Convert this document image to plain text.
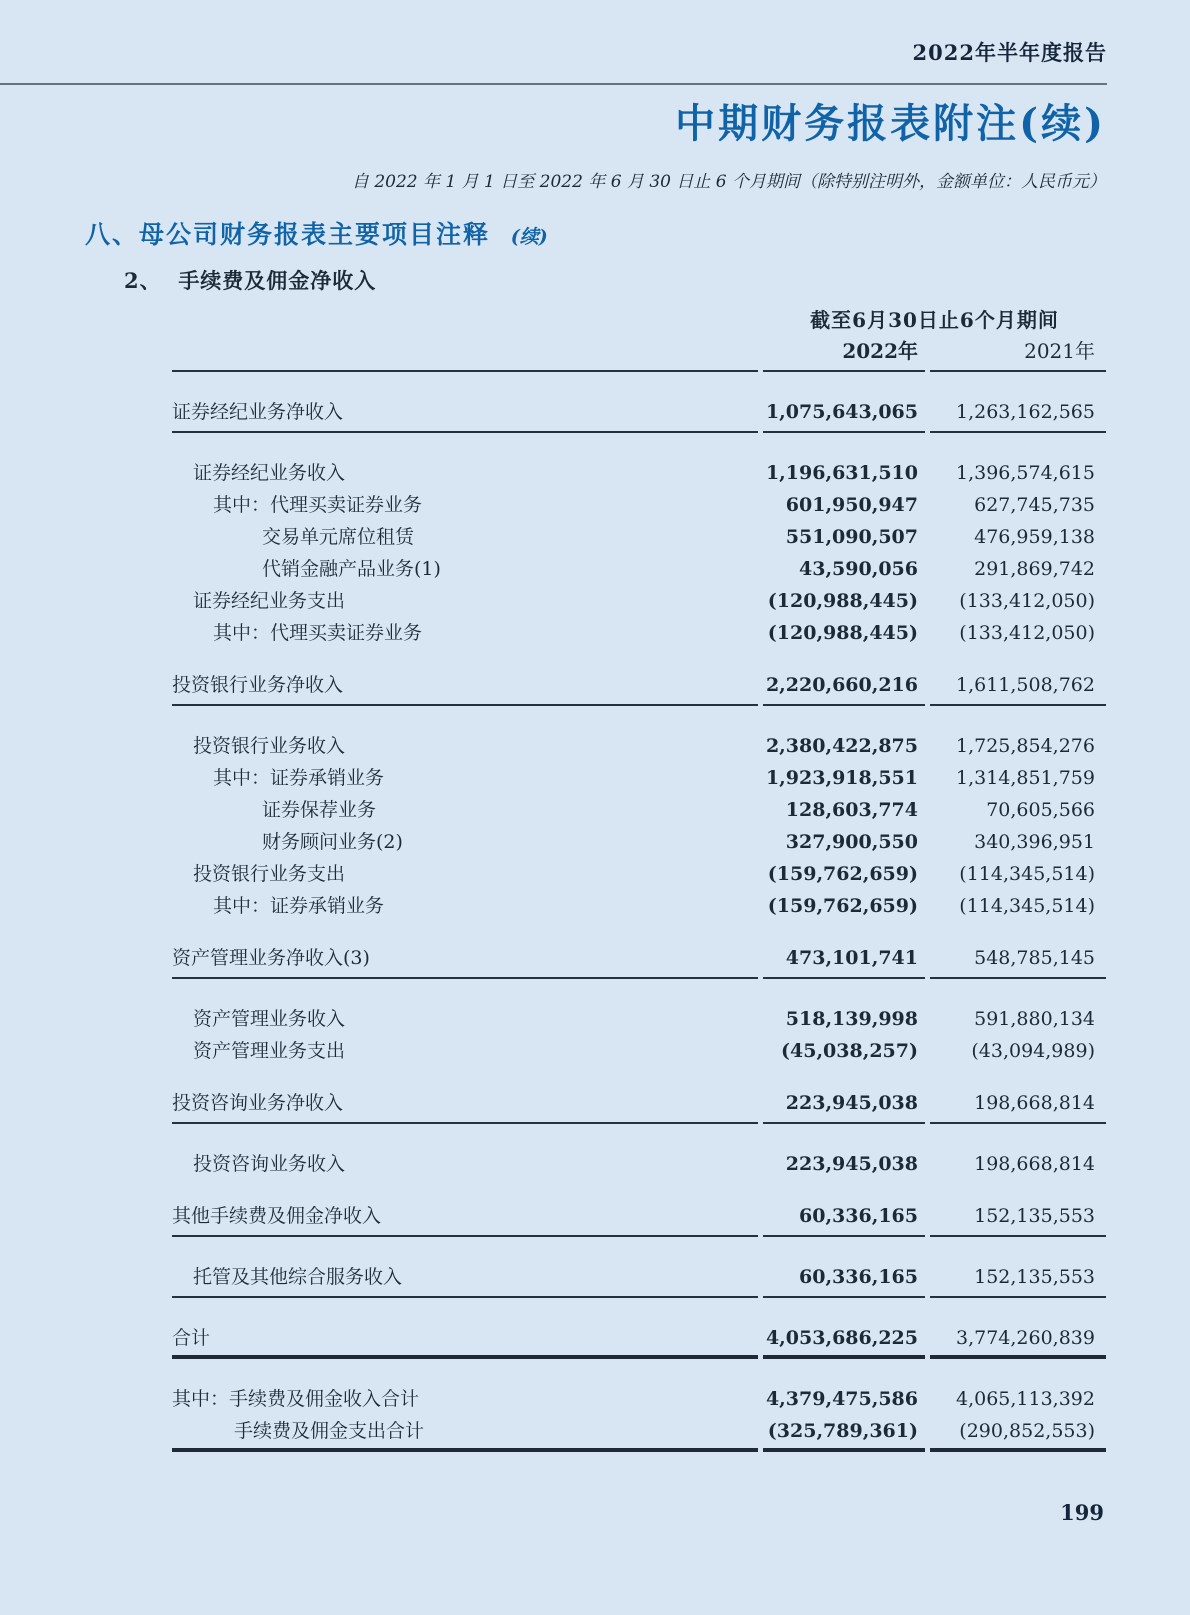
2022年半年度报告
中期财务报表附注(续)
自 2022 年 1 月 1 日至 2022 年 6 月 30 日止 6 个月期间（除特别注明外，金额单位：人民币元）
八、母公司财务报表主要项目注释 (续)
2、 手续费及佣金净收入
截至6月30日止6个月期间
2022年	2021年
证券经纪业务净收入	1,075,643,065	1,263,162,565
证券经纪业务收入	1,196,631,510	1,396,574,615
其中：代理买卖证券业务	601,950,947	627,745,735
交易单元席位租赁	551,090,507	476,959,138
代销金融产品业务(1)	43,590,056	291,869,742
证券经纪业务支出	(120,988,445)	(133,412,050)
其中：代理买卖证券业务	(120,988,445)	(133,412,050)
投资银行业务净收入	2,220,660,216	1,611,508,762
投资银行业务收入	2,380,422,875	1,725,854,276
其中：证券承销业务	1,923,918,551	1,314,851,759
证券保荐业务	128,603,774	70,605,566
财务顾问业务(2)	327,900,550	340,396,951
投资银行业务支出	(159,762,659)	(114,345,514)
其中：证券承销业务	(159,762,659)	(114,345,514)
资产管理业务净收入(3)	473,101,741	548,785,145
资产管理业务收入	518,139,998	591,880,134
资产管理业务支出	(45,038,257)	(43,094,989)
投资咨询业务净收入	223,945,038	198,668,814
投资咨询业务收入	223,945,038	198,668,814
其他手续费及佣金净收入	60,336,165	152,135,553
托管及其他综合服务收入	60,336,165	152,135,553
合计	4,053,686,225	3,774,260,839
其中：手续费及佣金收入合计	4,379,475,586	4,065,113,392
手续费及佣金支出合计	(325,789,361)	(290,852,553)
199
